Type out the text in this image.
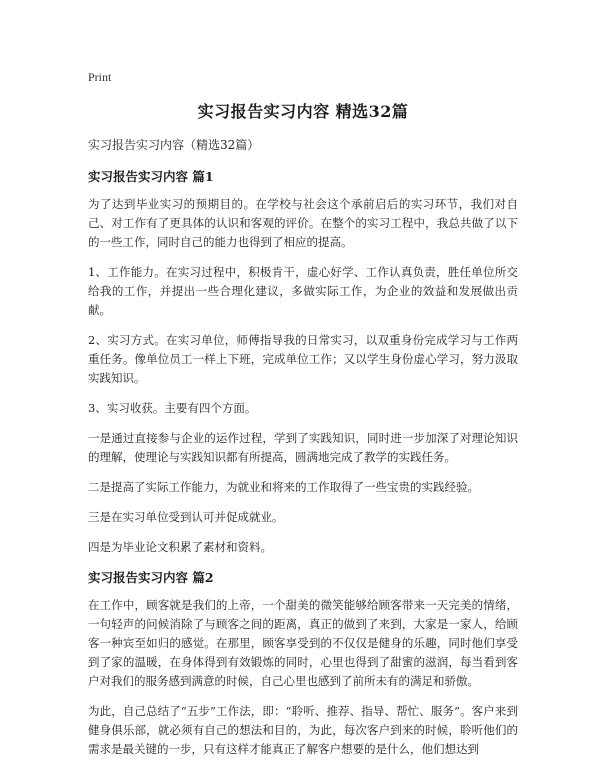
Print
实习报告实习内容 精选32篇
实习报告实习内容（精选32篇）
实习报告实习内容 篇1

为了达到毕业实习的预期目的。在学校与社会这个承前启后的实习环节，我们对自己、对工作有了更具体的认识和客观的评价。在整个的实习工程中，我总共做了以下的一些工作，同时自己的能力也得到了相应的提高。

1、工作能力。在实习过程中，积极肯干，虚心好学、工作认真负责，胜任单位所交给我的工作，并提出一些合理化建议，多做实际工作，为企业的效益和发展做出贡献。

2、实习方式。在实习单位，师傅指导我的日常实习，以双重身份完成学习与工作两重任务。像单位员工一样上下班，完成单位工作；又以学生身份虚心学习，努力汲取实践知识。

3、实习收获。主要有四个方面。

一是通过直接参与企业的运作过程，学到了实践知识，同时进一步加深了对理论知识的理解，使理论与实践知识都有所提高，圆满地完成了教学的实践任务。

二是提高了实际工作能力，为就业和将来的工作取得了一些宝贵的实践经验。

三是在实习单位受到认可并促成就业。

四是为毕业论文积累了素材和资料。

实习报告实习内容 篇2

在工作中，顾客就是我们的上帝，一个甜美的微笑能够给顾客带来一天完美的情绪，一句轻声的问候消除了与顾客之间的距离，真正的做到了来到，大家是一家人，给顾客一种宾至如归的感觉。在那里，顾客享受到的不仅仅是健身的乐趣，同时他们享受到了家的温暖，在身体得到有效锻炼的同时，心里也得到了甜蜜的滋润，每当看到客户对我们的服务感到满意的时候，自己心里也感到了前所未有的满足和骄傲。

为此，自己总结了“五步”工作法，即：“聆听、推荐、指导、帮忙、服务”。客户来到健身俱乐部，就必须有自己的想法和目的，为此，每次客户到来的时候，聆听他们的需求是最关键的一步，只有这样才能真正了解客户想要的是什么，他们想达到
